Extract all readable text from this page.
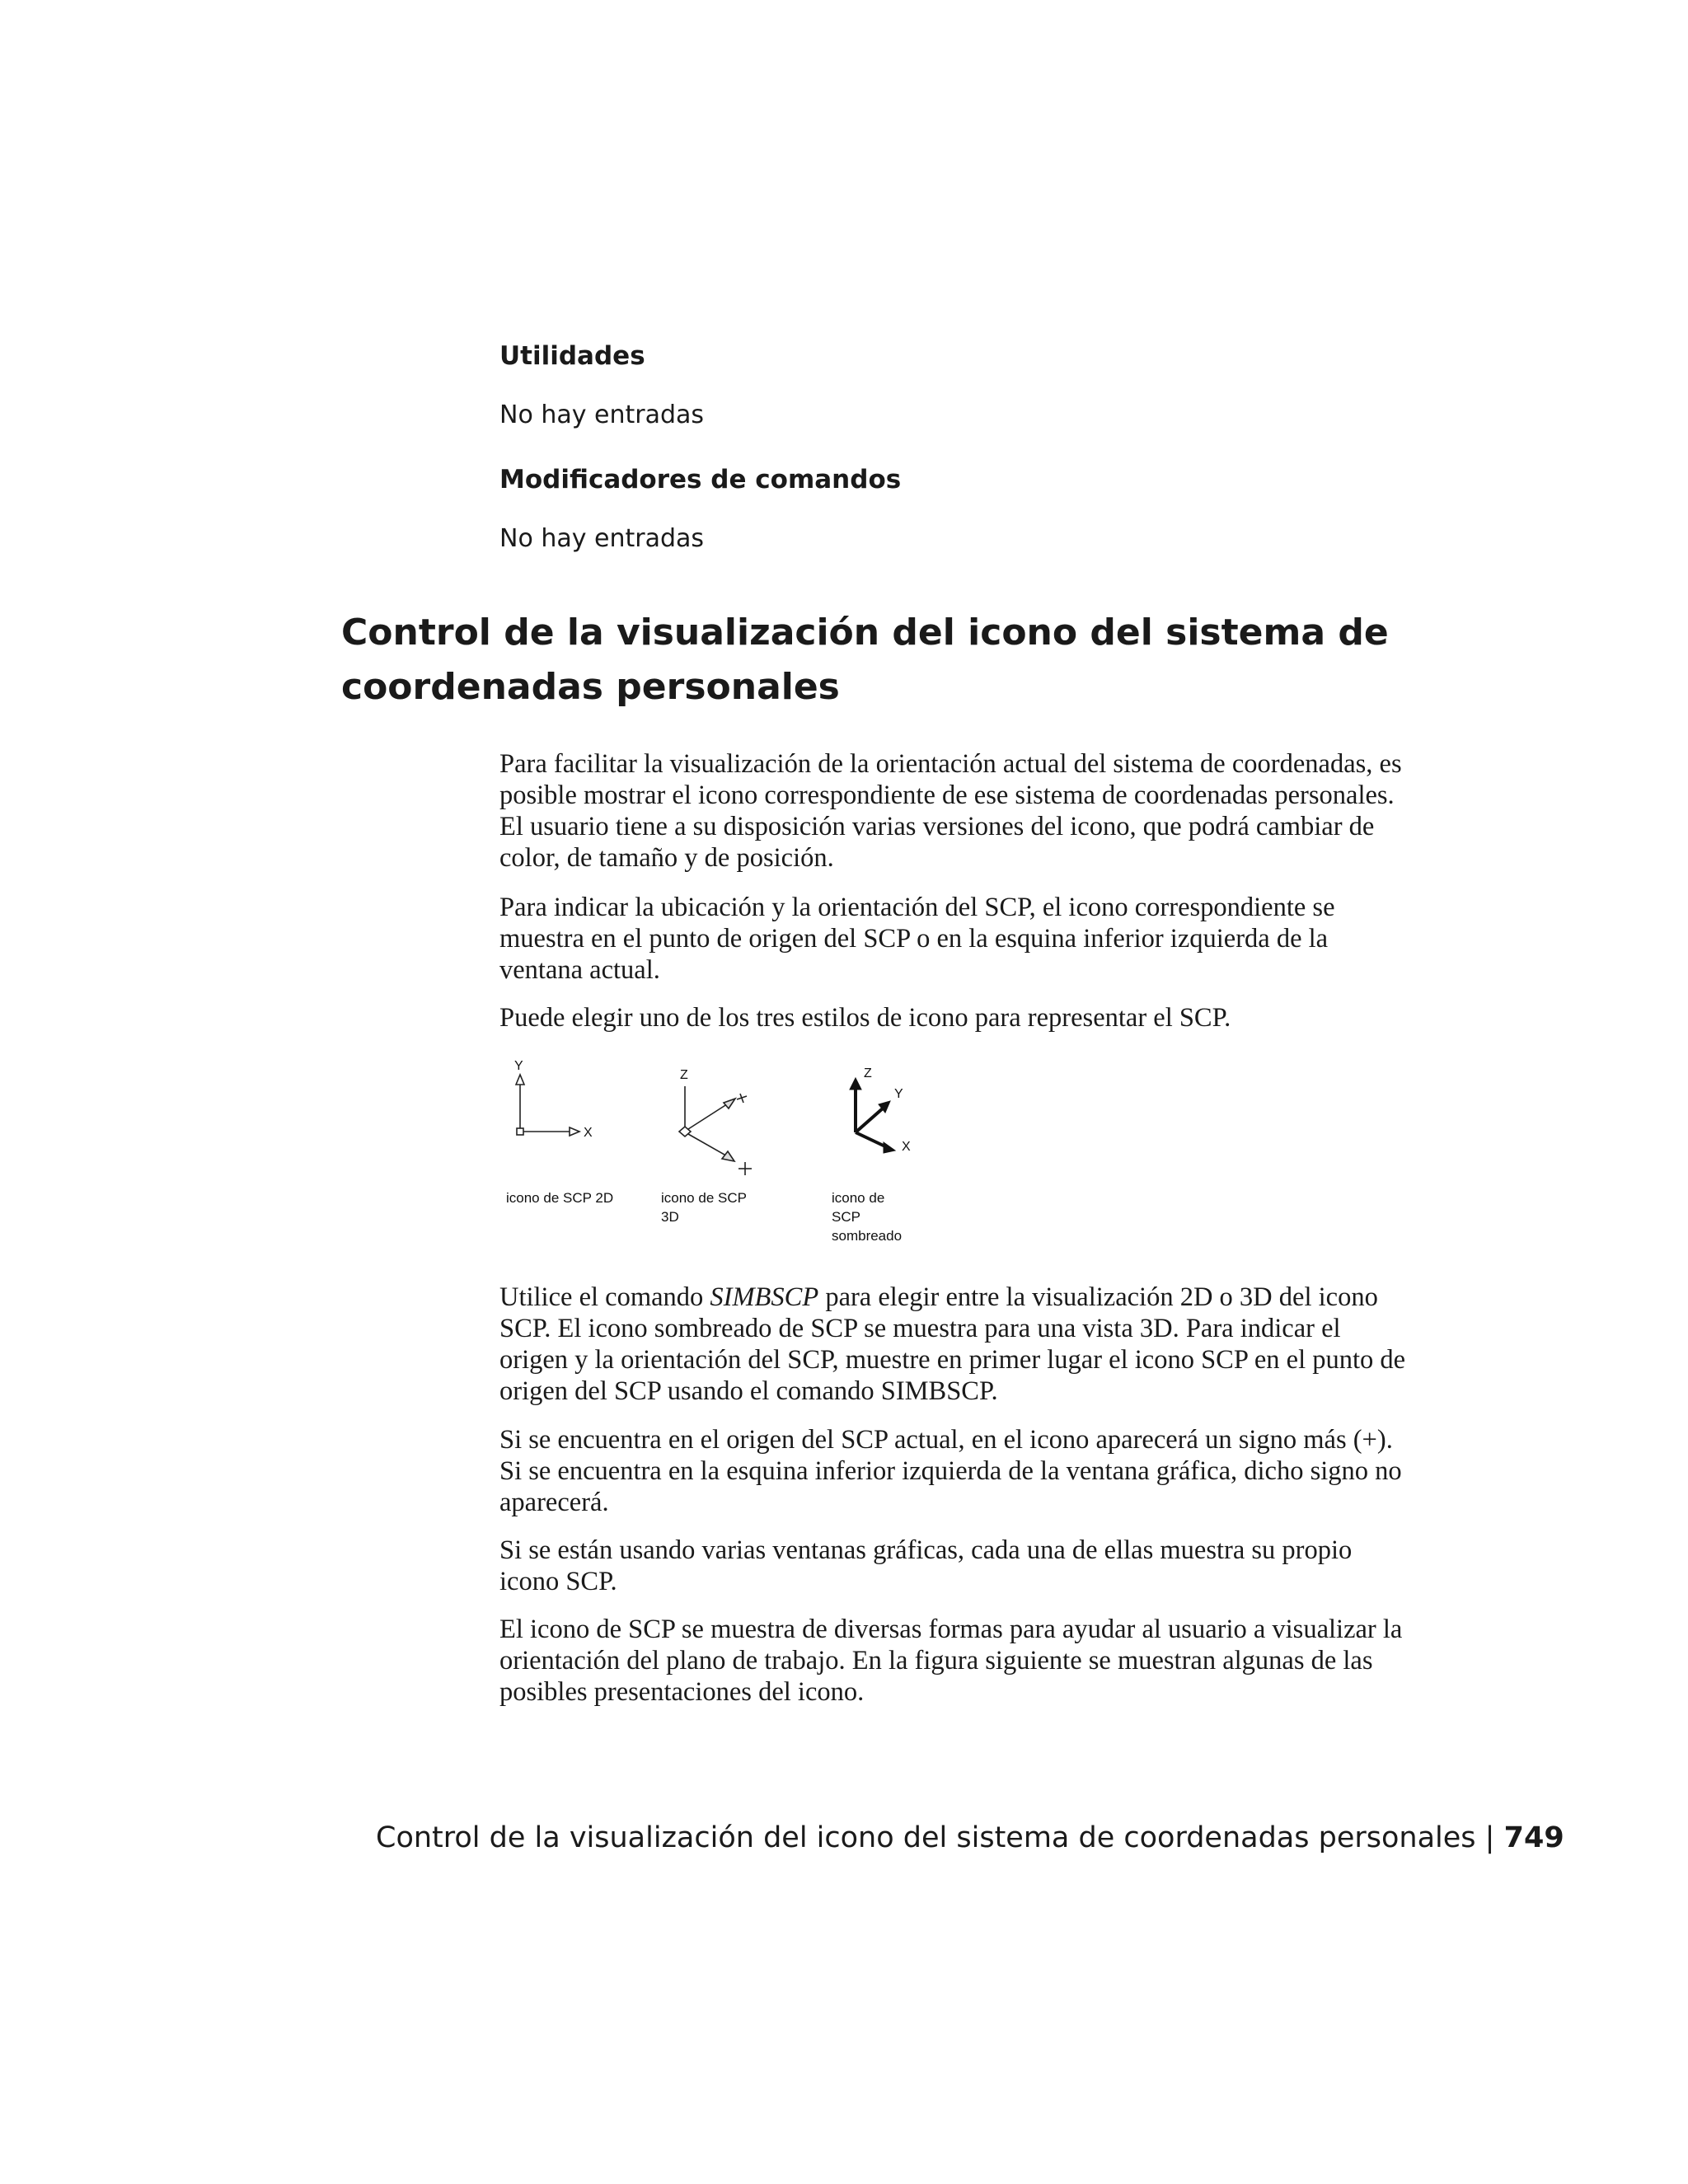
Utilidades
No hay entradas
Modificadores de comandos
No hay entradas
Control de la visualización del icono del sistema de coordenadas personales
Para facilitar la visualización de la orientación actual del sistema de coordenadas, es posible mostrar el icono correspondiente de ese sistema de coordenadas personales. El usuario tiene a su disposición varias versiones del icono, que podrá cambiar de color, de tamaño y de posición.
Para indicar la ubicación y la orientación del SCP, el icono correspondiente se muestra en el punto de origen del SCP o en la esquina inferior izquierda de la ventana actual.
Puede elegir uno de los tres estilos de icono para representar el SCP.
Y
X
Z	Z
Y
X
icono de SCP 2D	icono de SCP
3D
icono de
SCP
sombreado
Utilice el comando SIMBSCP para elegir entre la visualización 2D o 3D del icono SCP. El icono sombreado de SCP se muestra para una vista 3D. Para indicar el origen y la orientación del SCP, muestre en primer lugar el icono SCP en el punto de origen del SCP usando el comando SIMBSCP.
Si se encuentra en el origen del SCP actual, en el icono aparecerá un signo más (+). Si se encuentra en la esquina inferior izquierda de la ventana gráfica, dicho signo no aparecerá.
Si se están usando varias ventanas gráficas, cada una de ellas muestra su propio icono SCP.
El icono de SCP se muestra de diversas formas para ayudar al usuario a visualizar la orientación del plano de trabajo. En la figura siguiente se muestran algunas de las posibles presentaciones del icono.
Control de la visualización del icono del sistema de coordenadas personales | 749
